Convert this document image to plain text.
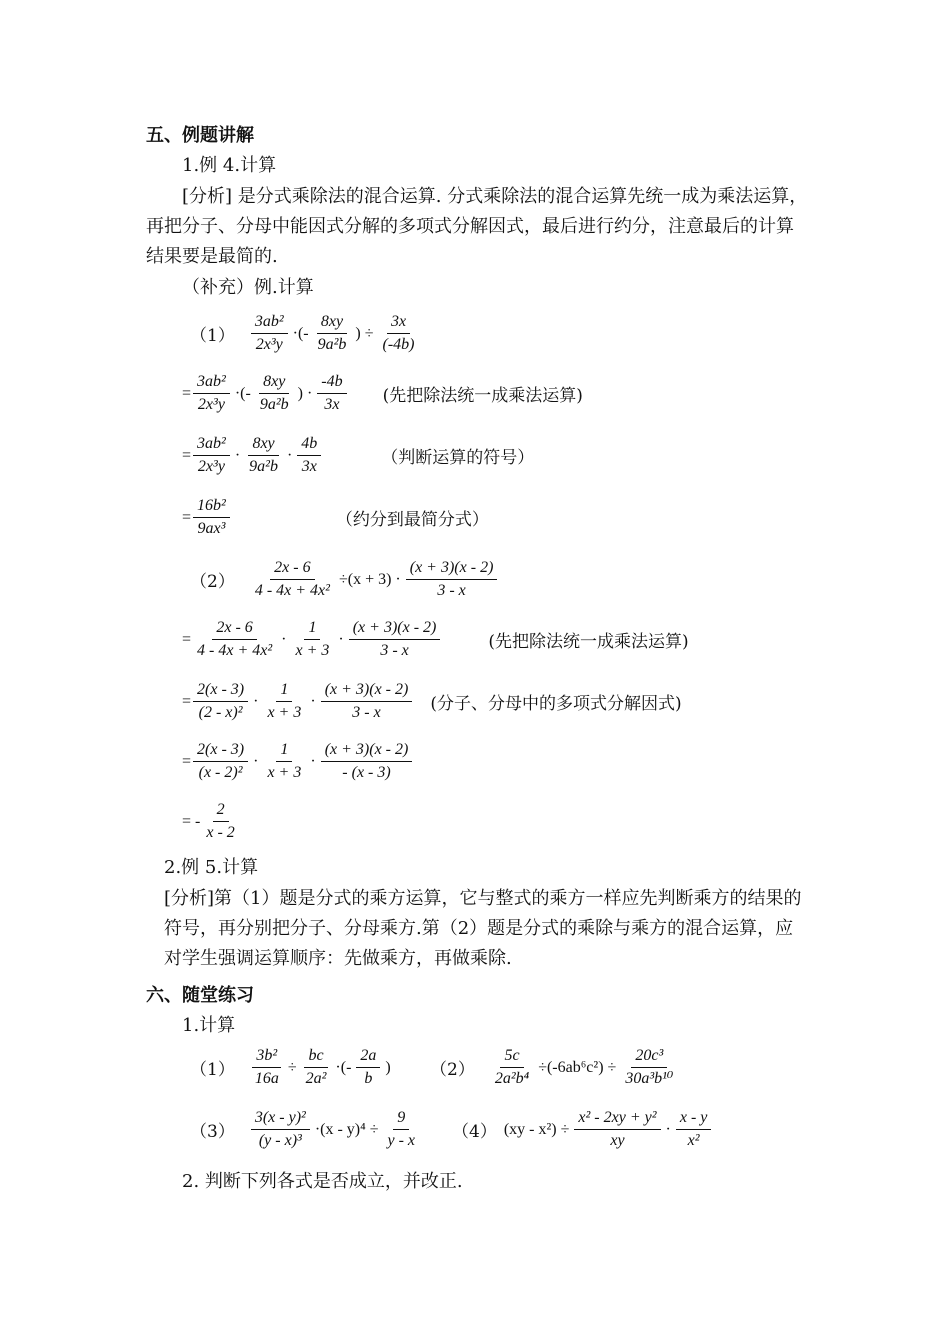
五、例题讲解
1.例 4.计算
[分析] 是分式乘除法的混合运算. 分式乘除法的混合运算先统一成为乘法运算，再把分子、分母中能因式分解的多项式分解因式，最后进行约分，注意最后的计算结果要是最简的.
（补充）例.计算
$(1) \frac{\text{3ab²}}{\text{2x³y}}$ ·(- $\frac{8xy}{\text{9a²b}}$ ) ÷ $\frac{3x}{(-4b)}$
= $\frac{\text{3ab²}}{\text{2x³y}}$ ·(- $\frac{8xy}{\text{9a²b}}$ ) · $\frac{-4b}{3x}$ (先把除法统一成乘法运算)
= $\frac{\text{3ab²}}{\text{2x³y}} \cdot \frac{8xy}{\text{9a²b}} \cdot \frac{4b}{3x}$	（判断运算的符号）
= $\frac{\text{16b²}}{\text{9ax³}}$	（约分到最简分式）
$(2) \frac{2x - 6}{\text{4 - 4x + 4x²}} \div(x + 3) \cdot \frac{(x + 3)(x - 2)}{3 - x}$
= $\frac{2x - 6}{\text{4 - 4x + 4x²}} \cdot \frac{1}{x + 3} \cdot \frac{(x + 3)(x - 2)}{3 - x}$	(先把除法统一成乘法运算)
= $\frac{2(x - 3)}{\text{(2 - x)²}} \cdot \frac{1}{x + 3} \cdot \frac{(x + 3)(x - 2)}{3 - x}$ (分子、分母中的多项式分解因式)
= $\frac{2(x - 3)}{\text{(x - 2)²}} \cdot \frac{1}{x + 3} \cdot \frac{(x + 3)(x - 2)}{- (x - 3)}$
= - $\frac{2}{x - 2}$
2.例 5.计算
[分析]第（1）题是分式的乘方运算，它与整式的乘方一样应先判断乘方的结果的符号，再分别把分子、分母乘方.第（2）题是分式的乘除与乘方的混合运算，应对学生强调运算顺序：先做乘方，再做乘除.
六、随堂练习
1.计算
$(1) \frac{\text{3b²}}{16a} \div \frac{bc}{\text{2a²}}$ ·(- $\frac{2a}{b}$ ) $(2) \frac{5c}{\text{2a²b⁴}} \div(-6ab^6c^2) \div \frac{\text{20c³}}{\text{30a³b¹⁰}}$
$(3) \frac{\text{3(x - y)²}}{\text{(y - x)³}} \cdot(x - y)^4 \div \frac{9}{y - x} (4)$ $(xy - x^2) \div \frac{\text{x² - 2xy + y²}}{xy} \cdot \frac{x - y}{\text{x²}}$
2. 判断下列各式是否成立，并改正.
